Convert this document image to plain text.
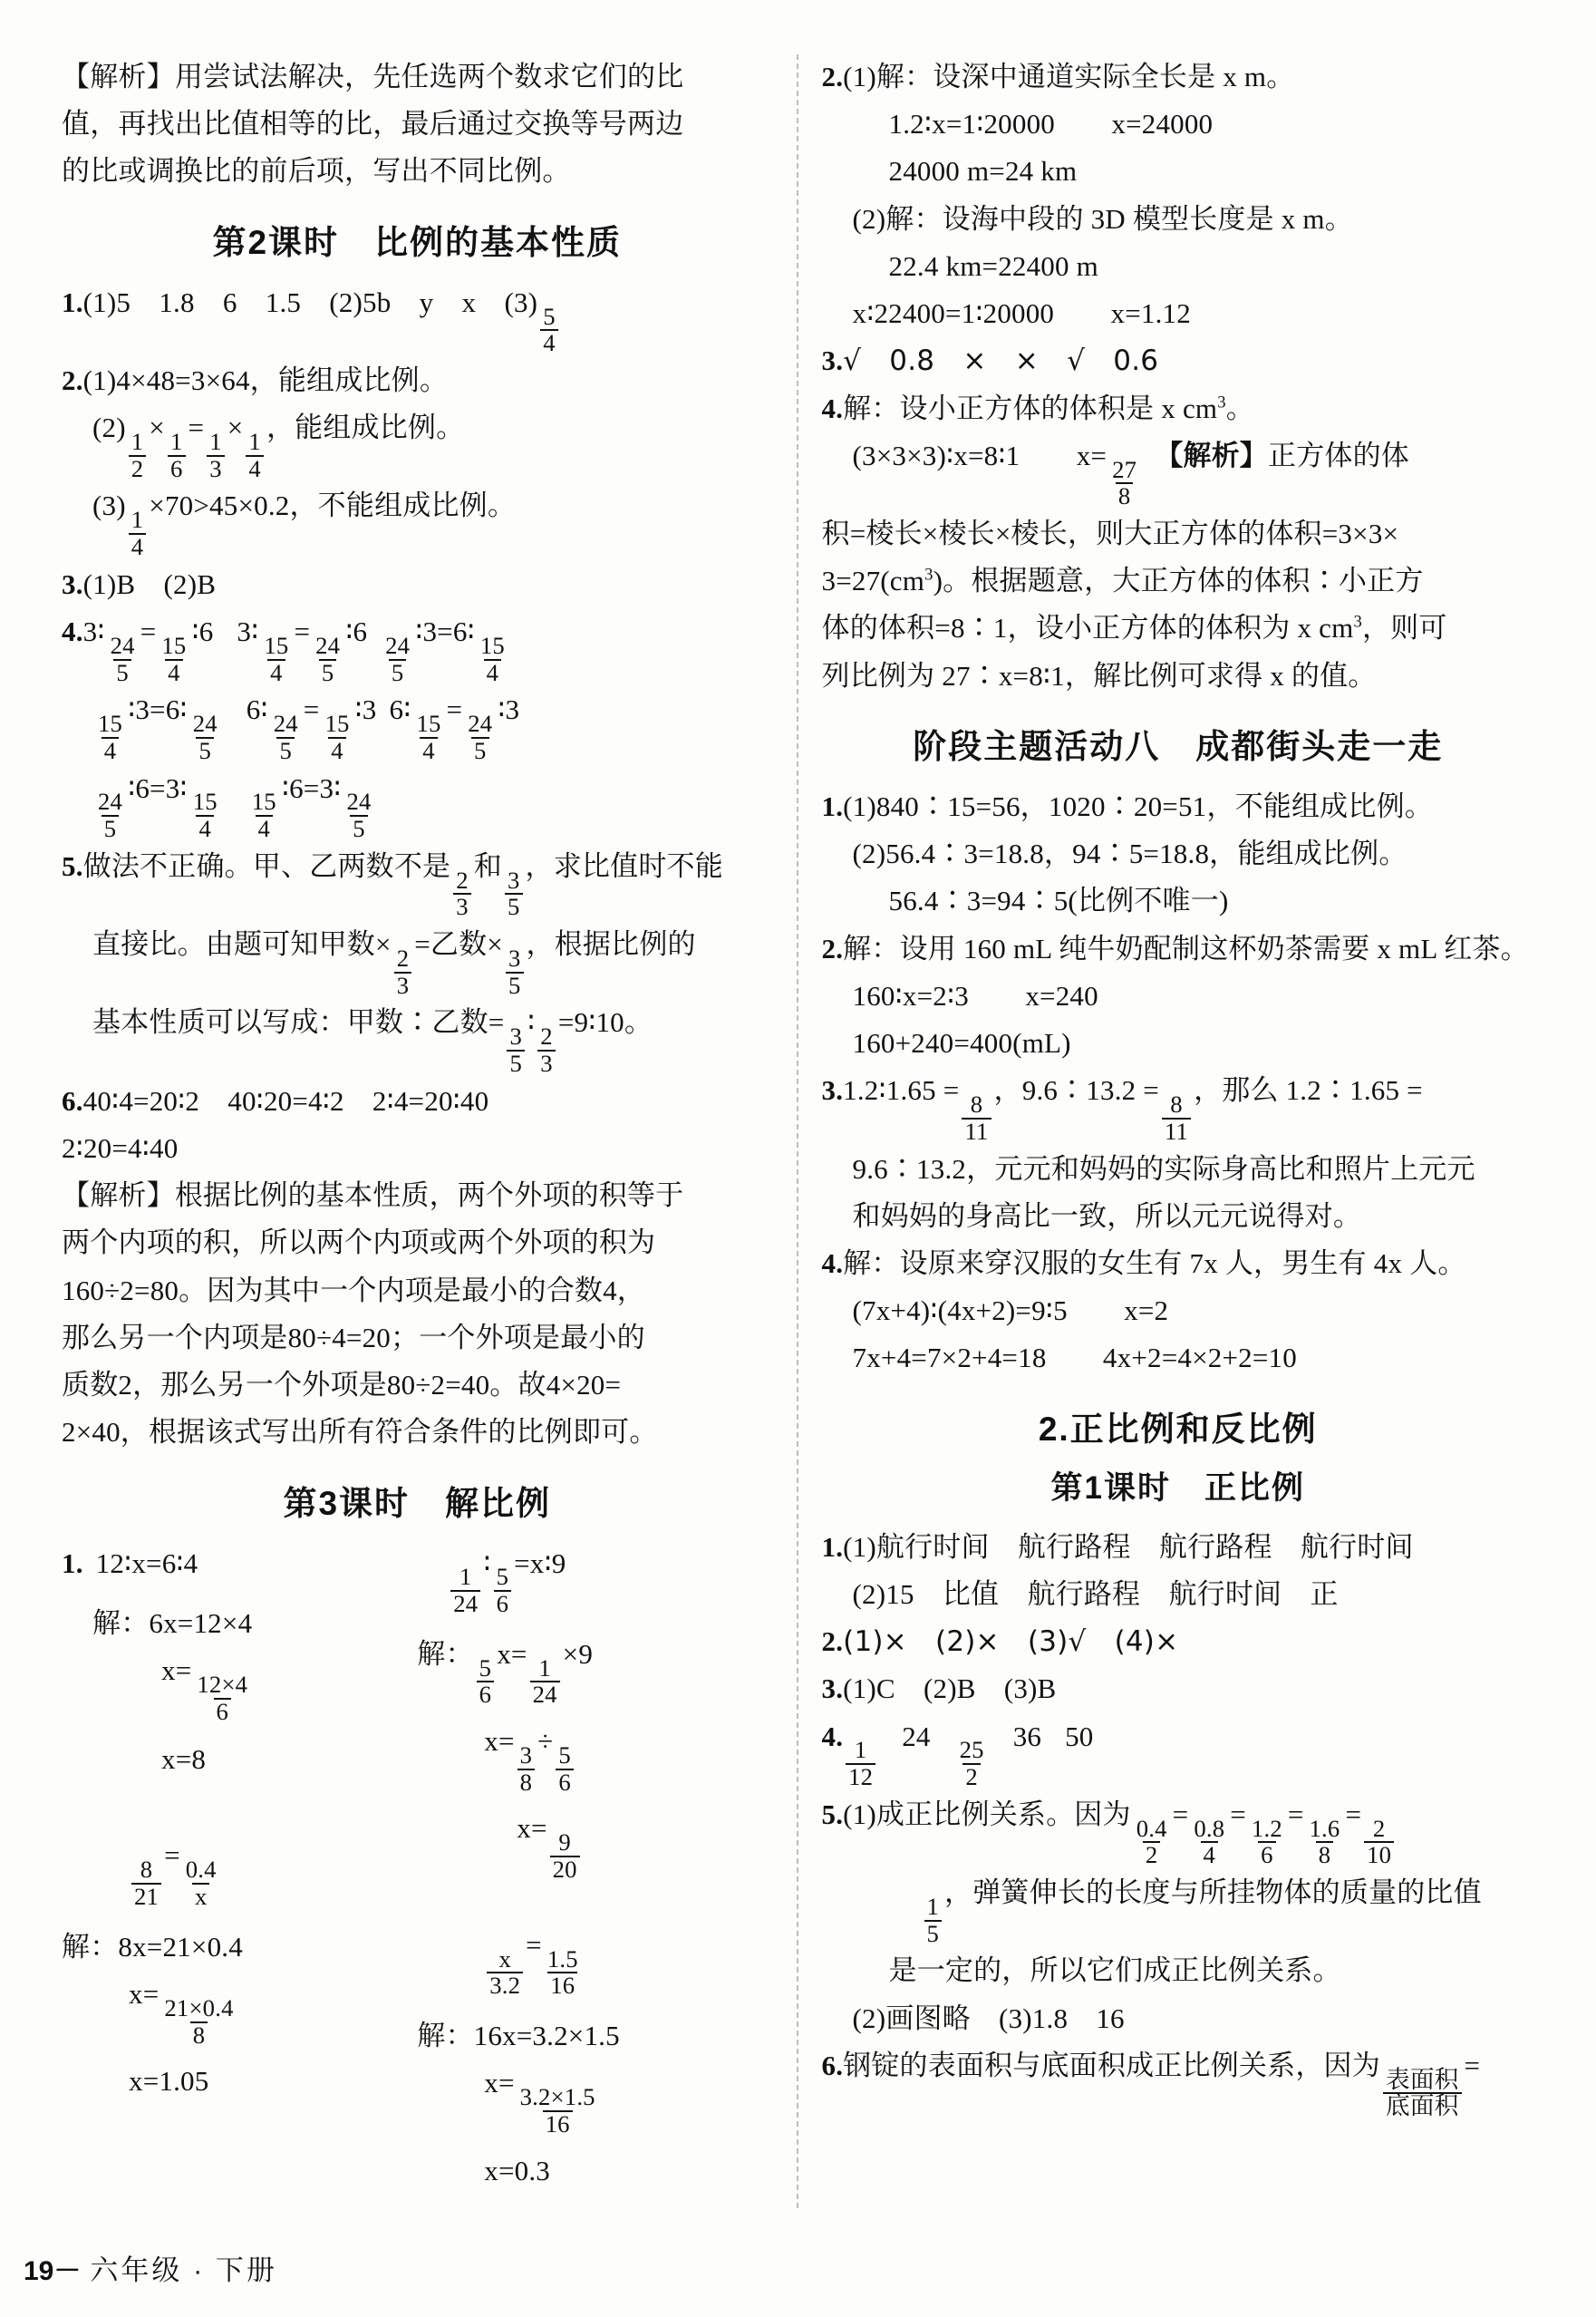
【解析】用尝试法解决，先任选两个数求它们的比
值，再找出比值相等的比，最后通过交换等号两边
的比或调换比的前后项，写出不同比例。
第2课时　比例的基本性质
1.(1)5　1.8　6　1.5　(2)5b　y　x　(3)
$\frac{5}{4}$
2.(1)4×48=3×64，能组成比例。
(2)
$\frac{1}{2}$
×
$\frac{1}{6}$
=
$\frac{1}{3}$
×
$\frac{1}{4}$
，能组成比例。
(3)
$\frac{1}{4}$
×70>45×0.2，不能组成比例。
3.(1)B　(2)B
4.3∶
$\frac{24}{5}$
=
$\frac{15}{4}$
∶6 3∶
$\frac{15}{4}$
=
$\frac{24}{5}$
∶6
$\frac{24}{5}$
∶3=6∶
$\frac{15}{4}$
$\frac{15}{4}$
∶3=6∶
$\frac{24}{5}$
6∶
$\frac{24}{5}$
=
$\frac{15}{4}$
∶3 6∶
$\frac{15}{4}$
=
$\frac{24}{5}$
∶3
$\frac{24}{5}$
∶6=3∶
$\frac{15}{4} \frac{15}{4}$
∶6=3∶
$\frac{24}{5}$
5.做法不正确。甲、乙两数不是
$\frac{2}{3}$
和
$\frac{3}{5}$
，求比值时不能
直接比。由题可知甲数×
$\frac{2}{3}$
=乙数×
$\frac{3}{5}$
，根据比例的
基本性质可以写成：甲数∶乙数=
$\frac{3}{5}$
∶
$\frac{2}{3}$
=9∶10。
6.40∶4=20∶2　40∶20=4∶2　2∶4=20∶40
2∶20=4∶40
【解析】根据比例的基本性质，两个外项的积等于
两个内项的积，所以两个内项或两个外项的积为
160÷2=80。因为其中一个内项是最小的合数4，
那么另一个内项是80÷4=20；一个外项是最小的
质数2，那么另一个外项是80÷2=40。故4×20=
2×40，根据该式写出所有符合条件的比例即可。
第3课时　解比例
1. 12∶x=6∶4
解：6x=12×4
x=
$\frac{12\times 4}{6}$
x=8
$\frac{8}{21}$
=
$\frac{0.4}{x}$
解：8x=21×0.4
x=
$\frac{21\times 0.4}{8}$
x=1.05
$\frac{1}{24}$
∶
$\frac{5}{6}$
=x∶9
解：
$\frac{5}{6}$
x=
$\frac{1}{24}$
×9
x=
$\frac{3}{8}$
÷
$\frac{5}{6}$
x=
$\frac{9}{20}$
$\frac{x}{3.2}$
=
$\frac{1.5}{16}$
解：16x=3.2×1.5
x=
$\frac{3.2\times 1.5}{16}$
x=0.3
2.(1)解：设深中通道实际全长是 x m。
1.2∶x=1∶20000　　x=24000
24000 m=24 km
(2)解：设海中段的 3D 模型长度是 x m。
22.4 km=22400 m
x∶22400=1∶20000　　x=1.12
3.√　0.8　×　×　√　0.6
4.解：设小正方体的体积是 x $cm^3$。
(3×3×3)∶x=8∶1　　x=
$\frac{27}{8}$
【解析】正方体的体
积=棱长×棱长×棱长，则大正方体的体积=3×3×
$3=27(cm^3)$。根据题意，大正方体的体积∶小正方
体的体积=8∶1，设小正方体的体积为 x $cm^3$，则可
列比例为 27∶x=8∶1，解比例可求得 x 的值。
阶段主题活动八　成都街头走一走
1.(1)840∶15=56，1020∶20=51，不能组成比例。
(2)56.4∶3=18.8，94∶5=18.8，能组成比例。
56.4∶3=94∶5(比例不唯一)
2.解：设用 160 mL 纯牛奶配制这杯奶茶需要 x mL 红茶。
160∶x=2∶3　　x=240
160+240=400(mL)
3.1.2∶1.65 =
$\frac{8}{11}$
，9.6∶13.2 =
$\frac{8}{11}$
，那么 1.2∶1.65 =
9.6∶13.2，元元和妈妈的实际身高比和照片上元元
和妈妈的身高比一致，所以元元说得对。
4.解：设原来穿汉服的女生有 7x 人，男生有 4x 人。
(7x+4)∶(4x+2)=9∶5　　x=2
7x+4=7×2+4=18　　4x+2=4×2+2=10
2.正比例和反比例
第1课时　正比例
1.(1)航行时间　航行路程　航行路程　航行时间
(2)15　比值　航行路程　航行时间　正
2.(1)×　(2)×　(3)√　(4)×
3.(1)C　(2)B　(3)B
4.
$\frac{1}{12}$
24
$\frac{25}{2}$
36 50
5.(1)成正比例关系。因为
$\frac{0.4}{2}$
=
$\frac{0.8}{4}$
=
$\frac{1.2}{6}$
=
$\frac{1.6}{8}$
=
$\frac{2}{10}$
$\frac{1}{5}$
，弹簧伸长的长度与所挂物体的质量的比值
是一定的，所以它们成正比例关系。
(2)画图略　(3)1.8　16
6.钢锭的表面积与底面积成正比例关系，因为
$\frac{\text{表面积}}{\text{底面积}}$
=
19－ 六年级 · 下册
